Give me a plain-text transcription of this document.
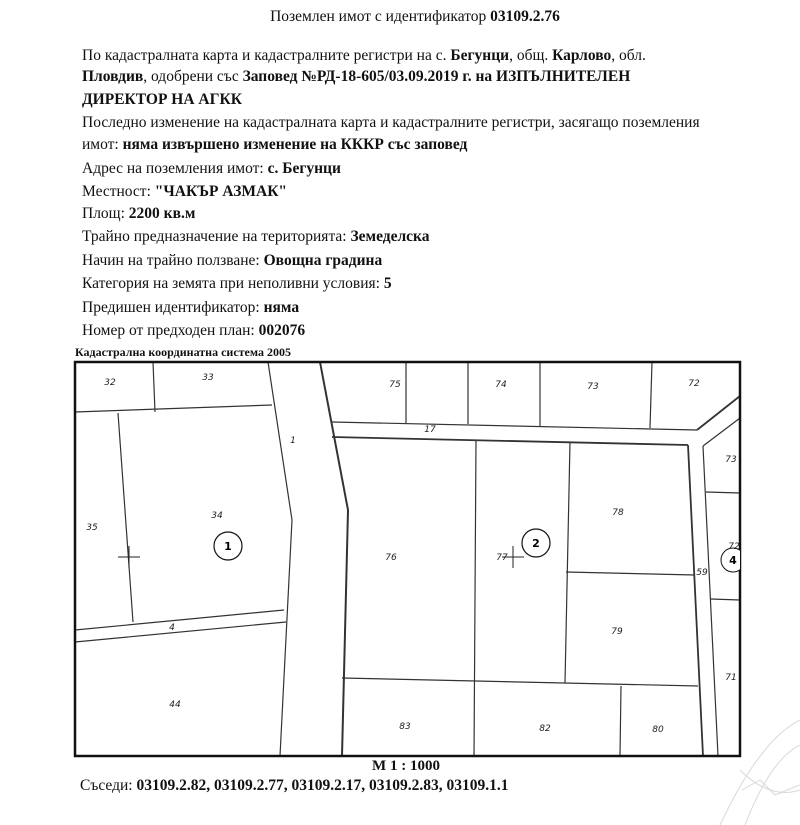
Поземлен имот с идентификатор 03109.2.76
По кадастралната карта и кадастралните регистри на с. Бегунци, общ. Карлово, обл.
Пловдив, одобрени със Заповед №РД-18-605/03.09.2019 г. на ИЗПЪЛНИТЕЛЕН
ДИРЕКТОР НА АГКК
Последно изменение на кадастралната карта и кадастралните регистри, засягащо поземления
имот: няма извършено изменение на КККР със заповед
Адрес на поземления имот: с. Бегунци
Местност: "ЧАКЪР АЗМАК"
Площ: 2200 кв.м
Трайно предназначение на територията: Земеделска
Начин на трайно ползване: Овощна градина
Категория на земята при неполивни условия: 5
Предишен идентификатор: няма
Номер от предходен план: 002076
Кадастрална координатна система 2005
1	2
4
32	33
75	74	73	72
17
1
73
34
35
78
76	77
72
59
79
4
71
44
83	82	80
М 1 : 1000
Съседи: 03109.2.82, 03109.2.77, 03109.2.17, 03109.2.83, 03109.1.1
